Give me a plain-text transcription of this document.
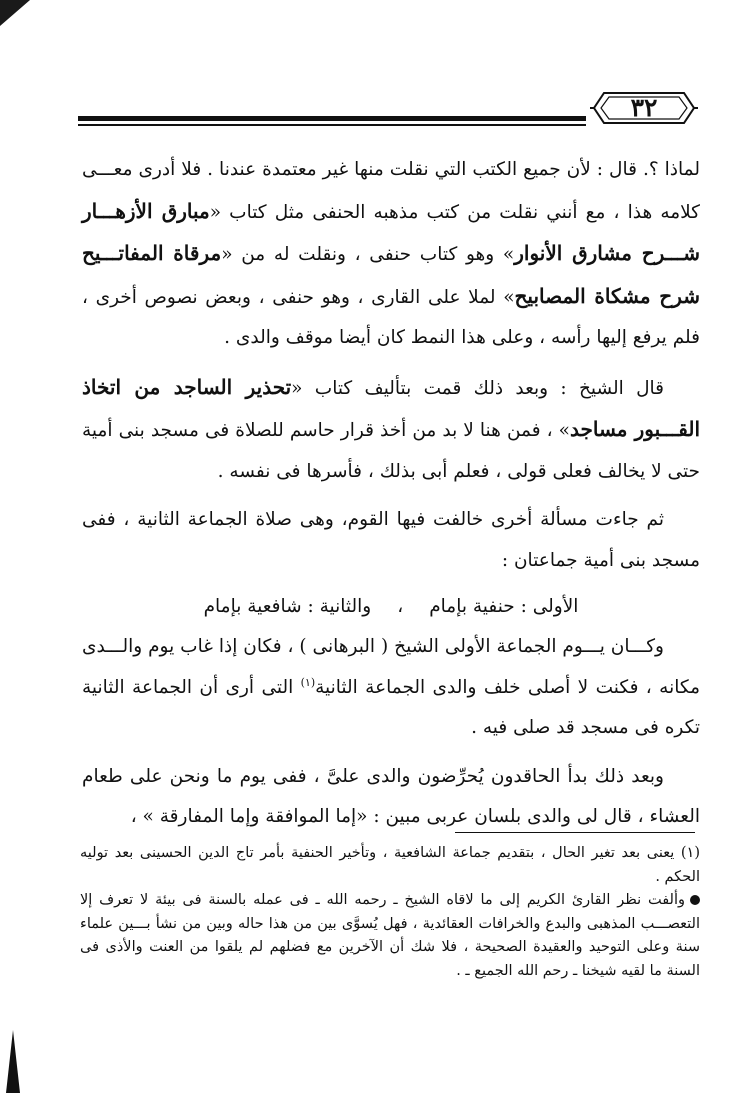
٣٢

لماذا ؟. قال : لأن جميع الكتب التي نقلت منها غير معتمدة عندنا . فلا أدرى معـــى كلامه هذا ، مع أنني نقلت من كتب مذهبه الحنفى مثل كتاب «مبارق الأزهـــار شـــرح مشارق الأنوار» وهو كتاب حنفى ، ونقلت له من «مرقاة المفاتـــيح شرح مشكاة المصابيح» لملا على القارى ، وهو حنفى ، وبعض نصوص أخرى ، فلم يرفع إليها رأسه ، وعلى هذا النمط كان أيضا موقف والدى .

قال الشيخ : وبعد ذلك قمت بتأليف كتاب «تحذير الساجد من اتخاذ القـــبور مساجد» ، فمن هنا لا بد من أخذ قرار حاسم للصلاة فى مسجد بنى أمية حتى لا يخالف فعلى قولى ، فعلم أبى بذلك ، فأسرها فى نفسه .

ثم جاءت مسألة أخرى خالفت فيها القوم، وهى صلاة الجماعة الثانية ، ففى مسجد بنى أمية جماعتان :

الأولى : حنفية بإمام
،
والثانية : شافعية بإمام

وكـــان يـــوم الجماعة الأولى الشيخ ( البرهانى ) ، فكان إذا غاب يوم والـــدى مكانه ، فكنت لا أصلى خلف والدى الجماعة الثانية$^{(١)}$ التى أرى أن الجماعة الثانية تكره فى مسجد قد صلى فيه .

وبعد ذلك بدأ الحاقدون يُحرِّضون والدى علىَّ ، ففى يوم ما ونحن على طعام العشاء ، قال لى والدى بلسان عربى مبين : «إما الموافقة وإما المفارقة » ،

(١) يعنى بعد تغير الحال ، بتقديم جماعة الشافعية ، وتأخير الحنفية بأمر تاج الدين الحسينى بعد توليه الحكم .

وألفت نظر القارئ الكريم إلى ما لاقاه الشيخ ـ رحمه الله ـ فى عمله بالسنة فى بيئة لا تعرف إلا التعصـــب المذهبى والبدع والخرافات العقائدية ، فهل يُسوَّى بين من هذا حاله وبين من نشأ بـــين علماء سنة وعلى التوحيد والعقيدة الصحيحة ، فلا شك أن الآخرين مع فضلهم لم يلقوا من العنت والأذى فى السنة ما لقيه شيخنا ـ رحم الله الجميع ـ .
